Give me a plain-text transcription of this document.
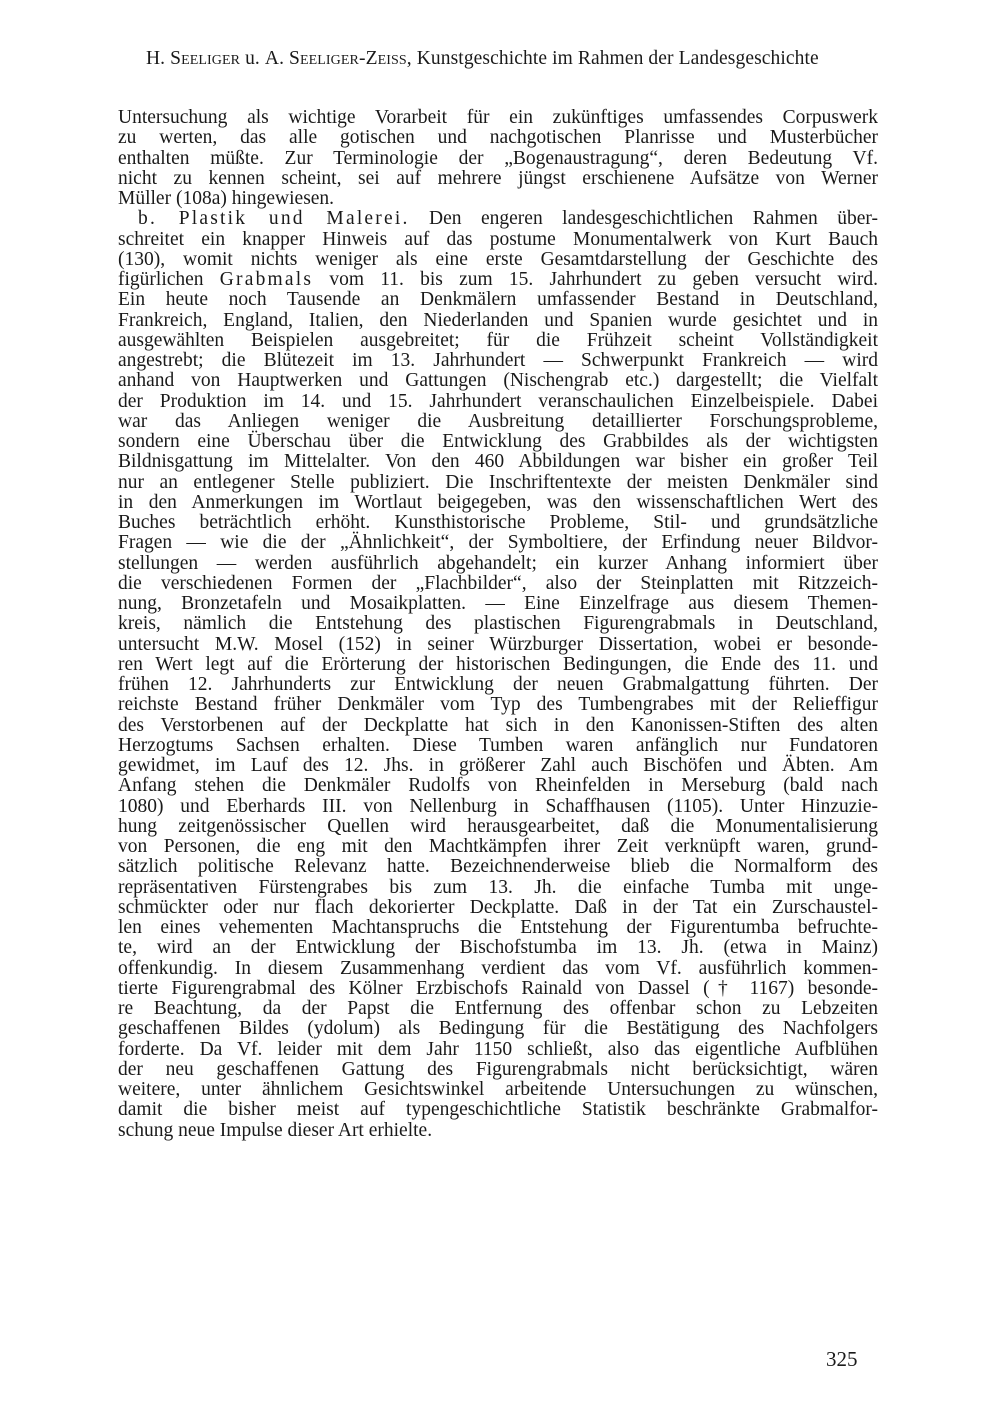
H. Seeliger u. A. Seeliger-Zeiss, Kunstgeschichte im Rahmen der Landesgeschichte
Untersuchung als wichtige Vorarbeit für ein zukünftiges umfassendes Corpuswerk
zu werten, das alle gotischen und nachgotischen Planrisse und Musterbücher
enthalten müßte. Zur Terminologie der „Bogenaustragung“, deren Bedeutung Vf.
nicht zu kennen scheint, sei auf mehrere jüngst erschienene Aufsätze von Werner
Müller (108a) hingewiesen.
b. Plastik und Malerei. Den engeren landesgeschichtlichen Rahmen über-
schreitet ein knapper Hinweis auf das postume Monumentalwerk von Kurt Bauch
(130), womit nichts weniger als eine erste Gesamtdarstellung der Geschichte des
figürlichen Grabmals vom 11. bis zum 15. Jahrhundert zu geben versucht wird.
Ein heute noch Tausende an Denkmälern umfassender Bestand in Deutschland,
Frankreich, England, Italien, den Niederlanden und Spanien wurde gesichtet und in
ausgewählten Beispielen ausgebreitet; für die Frühzeit scheint Vollständigkeit
angestrebt; die Blütezeit im 13. Jahrhundert — Schwerpunkt Frankreich — wird
anhand von Hauptwerken und Gattungen (Nischengrab etc.) dargestellt; die Vielfalt
der Produktion im 14. und 15. Jahrhundert veranschaulichen Einzelbeispiele. Dabei
war das Anliegen weniger die Ausbreitung detaillierter Forschungsprobleme,
sondern eine Überschau über die Entwicklung des Grabbildes als der wichtigsten
Bildnisgattung im Mittelalter. Von den 460 Abbildungen war bisher ein großer Teil
nur an entlegener Stelle publiziert. Die Inschriftentexte der meisten Denkmäler sind
in den Anmerkungen im Wortlaut beigegeben, was den wissenschaftlichen Wert des
Buches beträchtlich erhöht. Kunsthistorische Probleme, Stil- und grundsätzliche
Fragen — wie die der „Ähnlichkeit“, der Symboltiere, der Erfindung neuer Bildvor-
stellungen — werden ausführlich abgehandelt; ein kurzer Anhang informiert über
die verschiedenen Formen der „Flachbilder“, also der Steinplatten mit Ritzzeich-
nung, Bronzetafeln und Mosaikplatten. — Eine Einzelfrage aus diesem Themen-
kreis, nämlich die Entstehung des plastischen Figurengrabmals in Deutschland,
untersucht M.W. Mosel (152) in seiner Würzburger Dissertation, wobei er besonde-
ren Wert legt auf die Erörterung der historischen Bedingungen, die Ende des 11. und
frühen 12. Jahrhunderts zur Entwicklung der neuen Grabmalgattung führten. Der
reichste Bestand früher Denkmäler vom Typ des Tumbengrabes mit der Relieffigur
des Verstorbenen auf der Deckplatte hat sich in den Kanonissen-Stiften des alten
Herzogtums Sachsen erhalten. Diese Tumben waren anfänglich nur Fundatoren
gewidmet, im Lauf des 12. Jhs. in größerer Zahl auch Bischöfen und Äbten. Am
Anfang stehen die Denkmäler Rudolfs von Rheinfelden in Merseburg (bald nach
1080) und Eberhards III. von Nellenburg in Schaffhausen (1105). Unter Hinzuzie-
hung zeitgenössischer Quellen wird herausgearbeitet, daß die Monumentalisierung
von Personen, die eng mit den Machtkämpfen ihrer Zeit verknüpft waren, grund-
sätzlich politische Relevanz hatte. Bezeichnenderweise blieb die Normalform des
repräsentativen Fürstengrabes bis zum 13. Jh. die einfache Tumba mit unge-
schmückter oder nur flach dekorierter Deckplatte. Daß in der Tat ein Zurschaustel-
len eines vehementen Machtanspruchs die Entstehung der Figurentumba befruchte-
te, wird an der Entwicklung der Bischofstumba im 13. Jh. (etwa in Mainz)
offenkundig. In diesem Zusammenhang verdient das vom Vf. ausführlich kommen-
tierte Figurengrabmal des Kölner Erzbischofs Rainald von Dassel († 1167) besonde-
re Beachtung, da der Papst die Entfernung des offenbar schon zu Lebzeiten
geschaffenen Bildes (ydolum) als Bedingung für die Bestätigung des Nachfolgers
forderte. Da Vf. leider mit dem Jahr 1150 schließt, also das eigentliche Aufblühen
der neu geschaffenen Gattung des Figurengrabmals nicht berücksichtigt, wären
weitere, unter ähnlichem Gesichtswinkel arbeitende Untersuchungen zu wünschen,
damit die bisher meist auf typengeschichtliche Statistik beschränkte Grabmalfor-
schung neue Impulse dieser Art erhielte.
325
